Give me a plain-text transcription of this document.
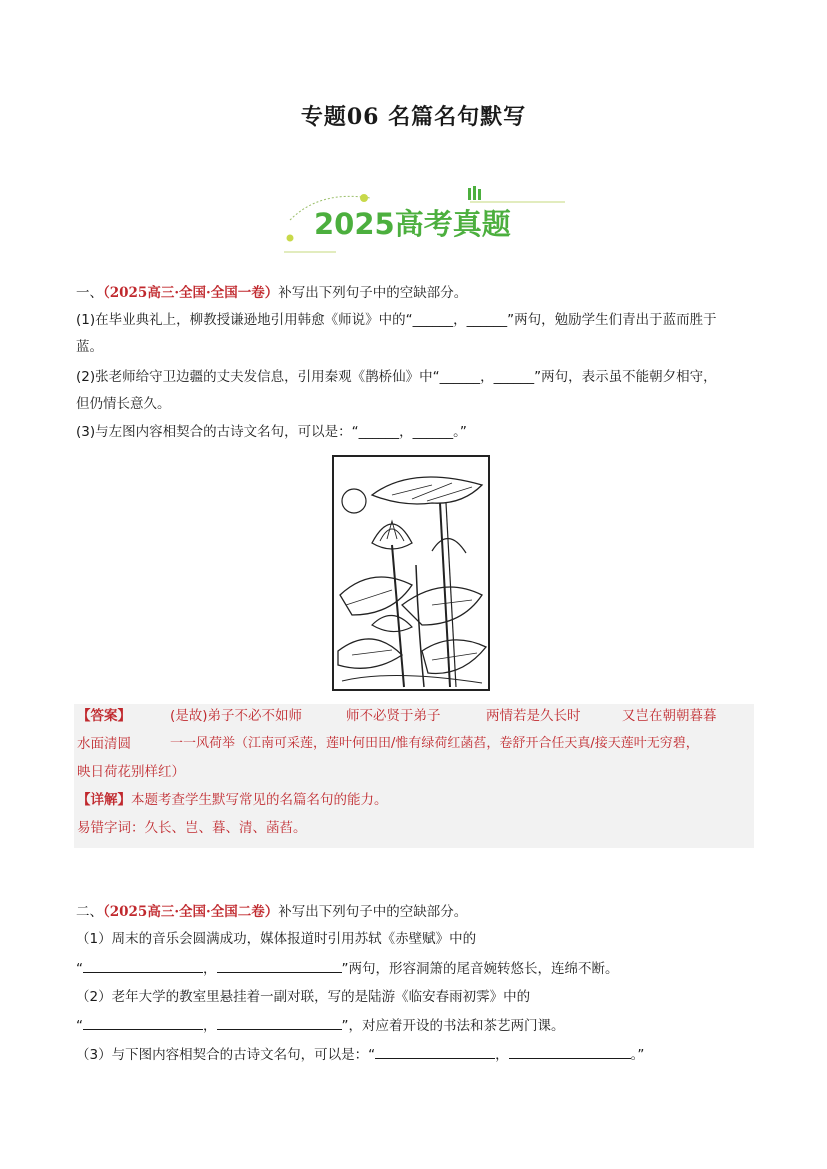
专题06 名篇名句默写
2025高考真题
一、（2025高三·全国·全国一卷）补写出下列句子中的空缺部分。
(1)在毕业典礼上，柳教授谦逊地引用韩愈《师说》中的“______，______”两句，勉励学生们青出于蓝而胜于
蓝。
(2)张老师给守卫边疆的丈夫发信息，引用秦观《鹊桥仙》中“______，______”两句，表示虽不能朝夕相守，
但仍情长意久。
(3)与左图内容相契合的古诗文名句，可以是：“______，______。”
【答案】	(是故)弟子不必不如师	师不必贤于弟子	两情若是久长时	又岂在朝朝暮暮
水面清圆	一一风荷举（江南可采莲，莲叶何田田/惟有绿荷红菡萏，卷舒开合任天真/接天莲叶无穷碧，
映日荷花别样红）
【详解】本题考查学生默写常见的名篇名句的能力。
易错字词：久长、岂、暮、清、菡萏。
二、（2025高三·全国·全国二卷）补写出下列句子中的空缺部分。
（1）周末的音乐会圆满成功，媒体报道时引用苏轼《赤壁赋》中的
“	，	”两句，形容洞箫的尾音婉转悠长，连绵不断。
（2）老年大学的教室里悬挂着一副对联，写的是陆游《临安春雨初霁》中的
“	，	”，对应着开设的书法和茶艺两门课。
（3）与下图内容相契合的古诗文名句，可以是：“	，	。”
